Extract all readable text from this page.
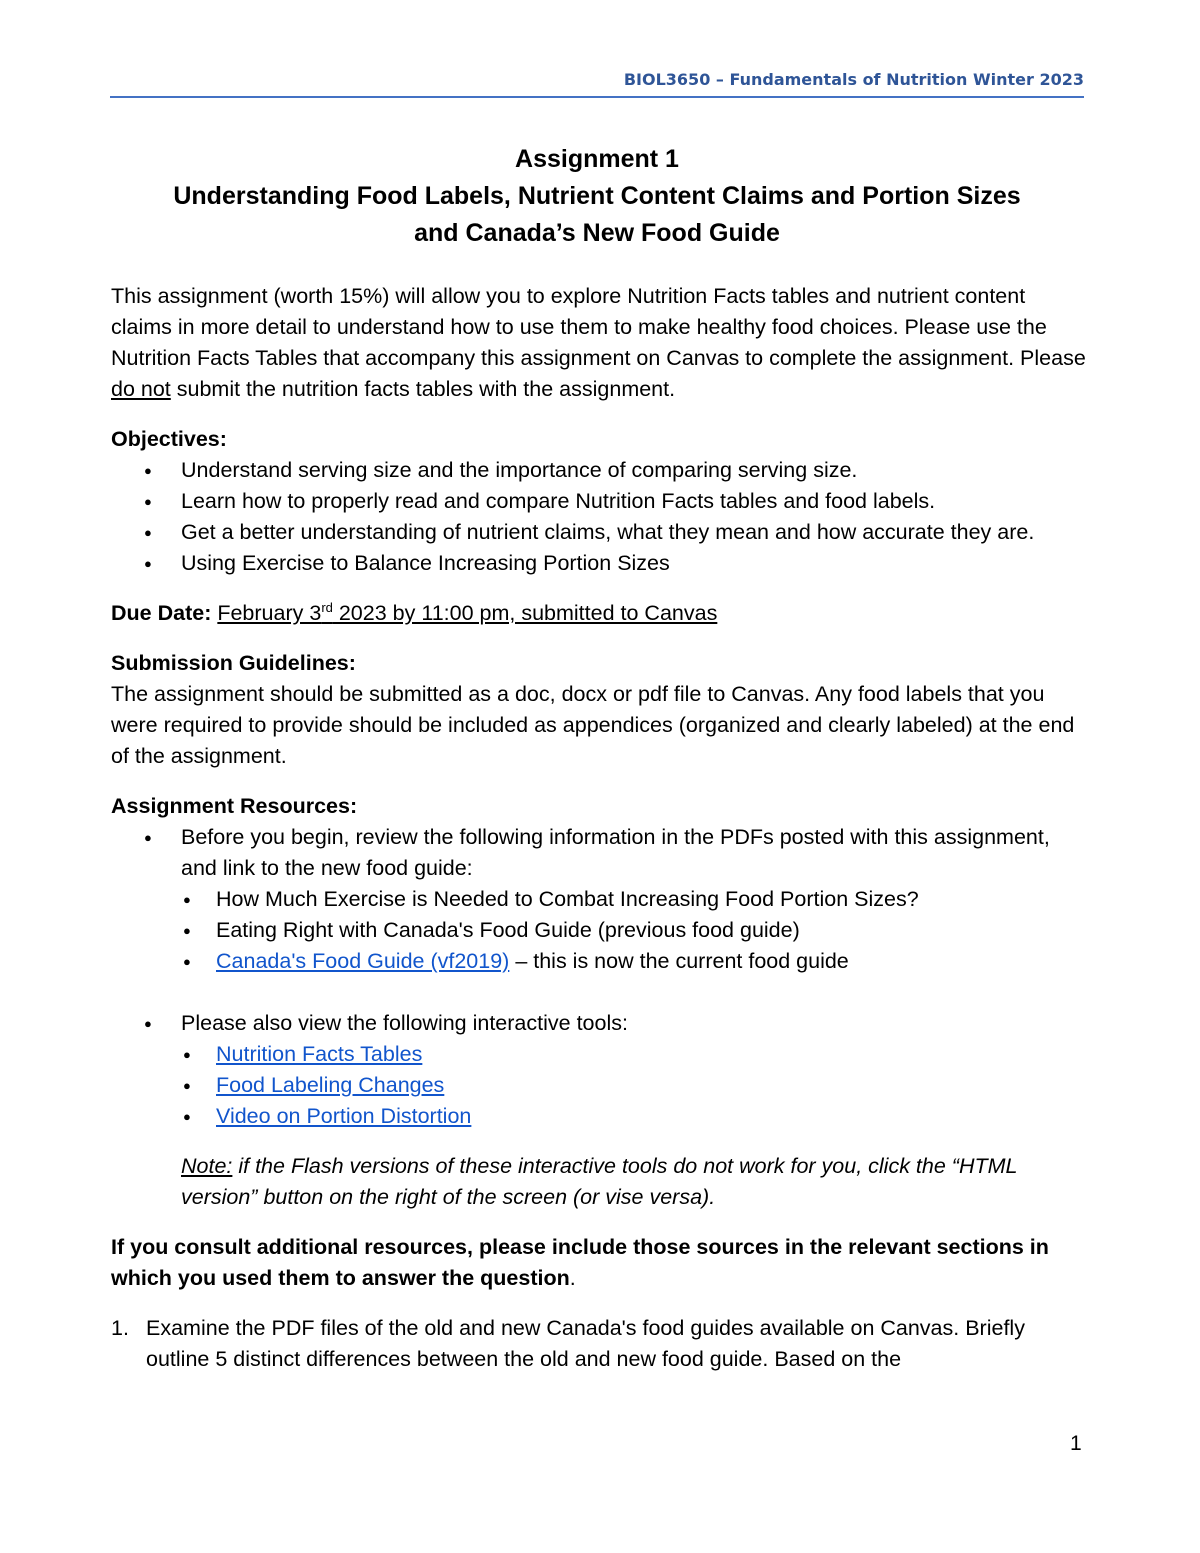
BIOL3650 – Fundamentals of Nutrition Winter 2023
Assignment 1
Understanding Food Labels, Nutrient Content Claims and Portion Sizes
and Canada’s New Food Guide

This assignment (worth 15%) will allow you to explore Nutrition Facts tables and nutrient content claims in more detail to understand how to use them to make healthy food choices. Please use the Nutrition Facts Tables that accompany this assignment on Canvas to complete the assignment. Please do not submit the nutrition facts tables with the assignment.

Objectives:

● Understand serving size and the importance of comparing serving size.
● Learn how to properly read and compare Nutrition Facts tables and food labels.
● Get a better understanding of nutrient claims, what they mean and how accurate they are.
● Using Exercise to Balance Increasing Portion Sizes

Due Date: February 3rd 2023 by 11:00 pm, submitted to Canvas

Submission Guidelines:

The assignment should be submitted as a doc, docx or pdf file to Canvas. Any food labels that you were required to provide should be included as appendices (organized and clearly labeled) at the end of the assignment.

Assignment Resources:

● Before you begin, review the following information in the PDFs posted with this assignment, and link to the new food guide:
● How Much Exercise is Needed to Combat Increasing Food Portion Sizes?
● Eating Right with Canada's Food Guide (previous food guide)
● Canada's Food Guide (vf2019) – this is now the current food guide
● Please also view the following interactive tools:
● Nutrition Facts Tables
● Food Labeling Changes
● Video on Portion Distortion

Note: if the Flash versions of these interactive tools do not work for you, click the “HTML version” button on the right of the screen (or vise versa).

If you consult additional resources, please include those sources in the relevant sections in which you used them to answer the question.

1. Examine the PDF files of the old and new Canada's food guides available on Canvas. Briefly outline 5 distinct differences between the old and new food guide. Based on the
1
